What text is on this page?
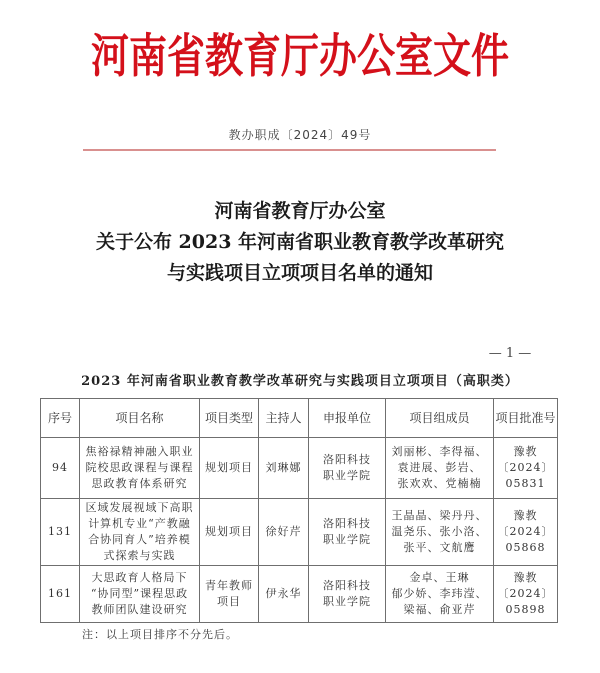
河南省教育厅办公室文件
教办职成〔2024〕49号
河南省教育厅办公室
关于公布 2023 年河南省职业教育教学改革研究
与实践项目立项项目名单的通知
— 1 —
2023 年河南省职业教育教学改革研究与实践项目立项项目（高职类）
序号	项目名称	项目类型	主持人	申报单位	项目组成员	项目批准号
94	焦裕禄精神融入职业
院校思政课程与课程
思政教育体系研究	规划项目	刘琳娜	洛阳科技
职业学院	刘丽彬、李得福、
袁进展、彭岩、
张欢欢、党楠楠	豫教
〔2024〕
05831

131	区域发展视域下高职
计算机专业“产教融
合协同育人”培养模
式探索与实践	规划项目	徐好芹	洛阳科技
职业学院	王晶晶、梁丹丹、
温尧乐、张小洛、
张平、文航鹰	豫教
〔2024〕
05868

161	大思政育人格局下
“协同型”课程思政
教师团队建设研究	青年教师
项目	伊永华	洛阳科技
职业学院	金卓、王琳
郁少娇、李玮滢、
梁福、俞亚芹	豫教
〔2024〕
05898
注：以上项目排序不分先后。
